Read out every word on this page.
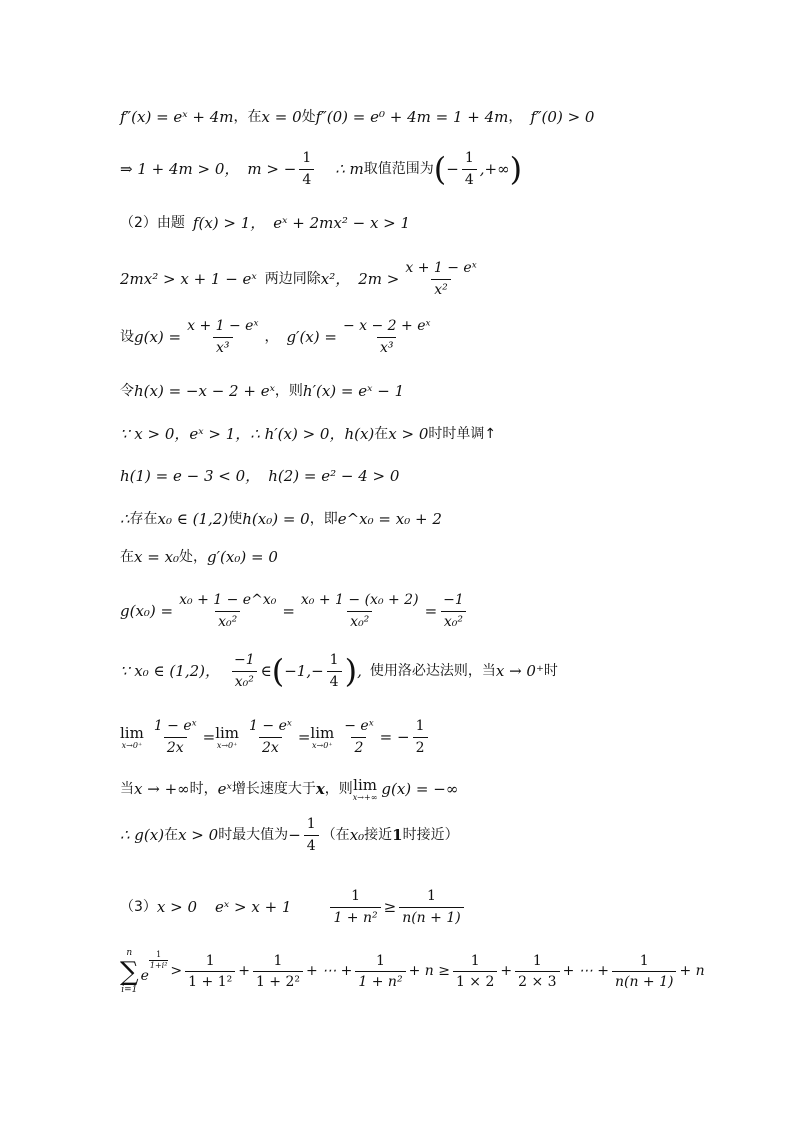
f″(x) = eˣ + 4m ，在 x = 0 处 f″(0) = e⁰ + 4m = 1 + 4m ， f″(0) > 0
⇒ 1 + 4m > 0， m > − $\frac{1}{4}$ ∴ m 取值范围为 ( − $\frac{1}{4}$ ,+∞ )
（2）由题 f(x) > 1， eˣ + 2mx² − x > 1
2mx² > x + 1 − eˣ 两边同除 x²， $2m > \frac{\text{x + 1 − eˣ}}{\text{x²}}$
设 $g(x) = \frac{\text{x + 1 − eˣ}}{\text{x³}}$ ， $g'(x) = \frac{\text{− x − 2 + eˣ}}{\text{x³}}$
令 h(x) = −x − 2 + eˣ ，则 h′(x) = eˣ − 1
∵ x > 0，eˣ > 1，∴ h′(x) > 0，h(x) 在 x > 0 时时单调↑
h(1) = e − 3 < 0， h(2) = e² − 4 > 0
∴ 存在 x₀ ∈ (1,2) 使 h(x₀) = 0 ，即 e^x₀ = x₀ + 2
在 x = x₀ 处， g′(x₀) = 0
$g(x_0) = \frac{\text{x₀ + 1 − e\textasciicircum{}x₀}}{\text{x₀²}} = \frac{\text{x₀ + 1 − (x₀ + 2)}}{\text{x₀²}} = \frac{-1}{\text{x₀²}}$
∵ x₀ ∈ (1,2)， $\frac{-1}{\text{x₀²}}$ ∈ ( $-1,- \frac{1}{4}$ ) , 使用洛必达法则，当 x → 0⁺ 时
lim
$x\to 0^+ \frac{\text{1 − eˣ}}{2x} = \lim$
$x\to 0^+ \frac{\text{1 − eˣ}}{2x} = \lim$
$x\to 0^+ \frac{\text{− eˣ}}{2}$ = − $\frac{1}{2}$
当 x → +∞ 时， eˣ 增长速度大于 x ，则 lim
x→+∞ g(x) = −∞
∴ g(x) 在 x > 0 时最大值为 − $\frac{1}{4}$ （在 x₀ 接近 1 时接近）
（3） x > 0 eˣ > x + 1	$\frac{1}{\text{1 + n²}} \ge \frac{1}{n(n + 1)}$
n
∑
i=1
e
$\frac{1}{\text{1+i²}}$
> $\frac{1}{\text{1 + 1²}} + \frac{1}{\text{1 + 2²}}$ + ⋯ + $\frac{1}{\text{1 + n²}} + n \ge \frac{1}{1 \times 2} + \frac{1}{2 \times 3}$ + ⋯ + $\frac{1}{n(n + 1)} + n$
